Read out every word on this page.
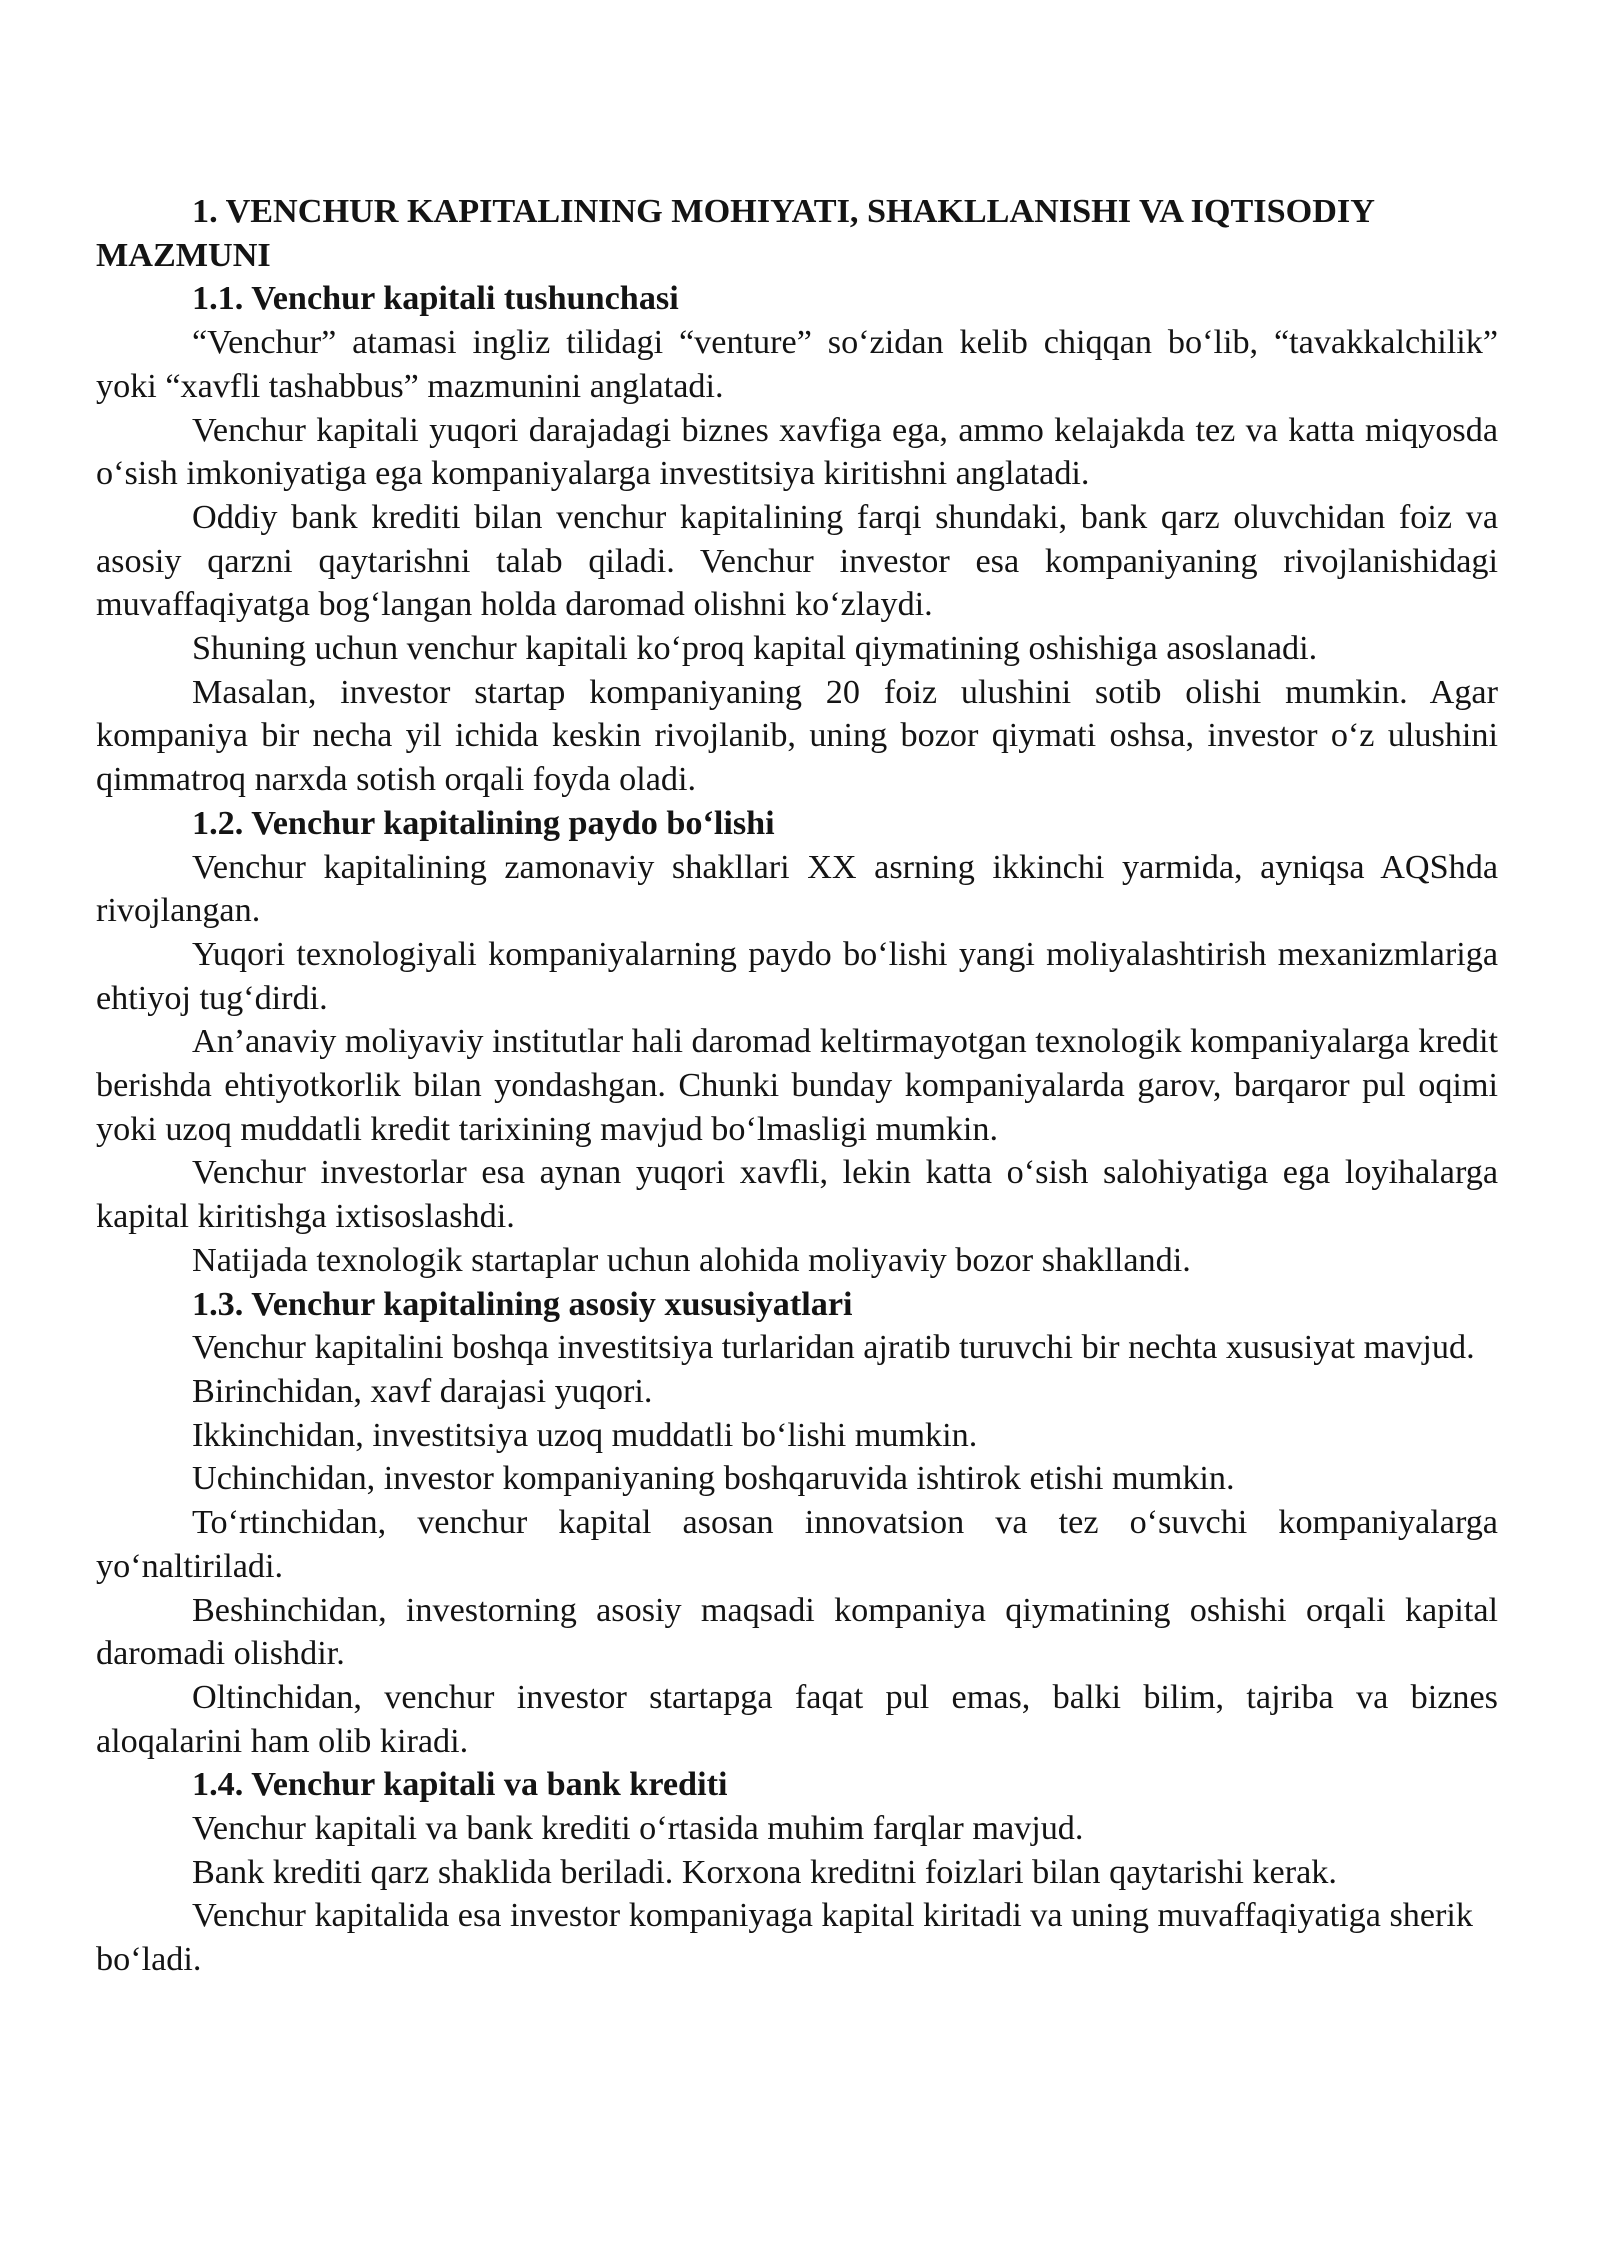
1. VENCHUR KAPITALINING MOHIYATI, SHAKLLANISHI VA IQTISODIY MAZMUNI
1.1. Venchur kapitali tushunchasi

“Venchur” atamasi ingliz tilidagi “venture” so‘zidan kelib chiqqan bo‘lib, “tavakkalchilik” yoki “xavfli tashabbus” mazmunini anglatadi.

Venchur kapitali yuqori darajadagi biznes xavfiga ega, ammo kelajakda tez va katta miqyosda o‘sish imkoniyatiga ega kompaniyalarga investitsiya kiritishni anglatadi.

Oddiy bank krediti bilan venchur kapitalining farqi shundaki, bank qarz oluvchidan foiz va asosiy qarzni qaytarishni talab qiladi. Venchur investor esa kompaniyaning rivojlanishidagi muvaffaqiyatga bog‘langan holda daromad olishni ko‘zlaydi.

Shuning uchun venchur kapitali ko‘proq kapital qiymatining oshishiga asoslanadi.

Masalan, investor startap kompaniyaning 20 foiz ulushini sotib olishi mumkin. Agar kompaniya bir necha yil ichida keskin rivojlanib, uning bozor qiymati oshsa, investor o‘z ulushini qimmatroq narxda sotish orqali foyda oladi.

1.2. Venchur kapitalining paydo bo‘lishi

Venchur kapitalining zamonaviy shakllari XX asrning ikkinchi yarmida, ayniqsa AQShda rivojlangan.

Yuqori texnologiyali kompaniyalarning paydo bo‘lishi yangi moliyalashtirish mexanizmlariga ehtiyoj tug‘dirdi.

An’anaviy moliyaviy institutlar hali daromad keltirmayotgan texnologik kompaniyalarga kredit berishda ehtiyotkorlik bilan yondashgan. Chunki bunday kompaniyalarda garov, barqaror pul oqimi yoki uzoq muddatli kredit tarixining mavjud bo‘lmasligi mumkin.

Venchur investorlar esa aynan yuqori xavfli, lekin katta o‘sish salohiyatiga ega loyihalarga kapital kiritishga ixtisoslashdi.

Natijada texnologik startaplar uchun alohida moliyaviy bozor shakllandi.

1.3. Venchur kapitalining asosiy xususiyatlari

Venchur kapitalini boshqa investitsiya turlaridan ajratib turuvchi bir nechta xususiyat mavjud.

Birinchidan, xavf darajasi yuqori.

Ikkinchidan, investitsiya uzoq muddatli bo‘lishi mumkin.

Uchinchidan, investor kompaniyaning boshqaruvida ishtirok etishi mumkin.

To‘rtinchidan, venchur kapital asosan innovatsion va tez o‘suvchi kompaniyalarga yo‘naltiriladi.

Beshinchidan, investorning asosiy maqsadi kompaniya qiymatining oshishi orqali kapital daromadi olishdir.

Oltinchidan, venchur investor startapga faqat pul emas, balki bilim, tajriba va biznes aloqalarini ham olib kiradi.

1.4. Venchur kapitali va bank krediti

Venchur kapitali va bank krediti o‘rtasida muhim farqlar mavjud.

Bank krediti qarz shaklida beriladi. Korxona kreditni foizlari bilan qaytarishi kerak.

Venchur kapitalida esa investor kompaniyaga kapital kiritadi va uning muvaffaqiyatiga sherik bo‘ladi.
